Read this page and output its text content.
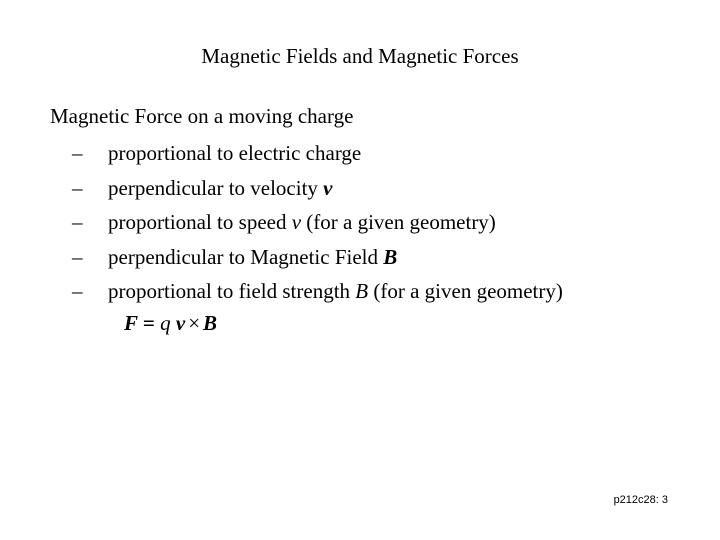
Magnetic Fields and Magnetic Forces
Magnetic Force on a moving charge
–	proportional to electric charge
–	perpendicular to velocity v
–	proportional to speed v (for a given geometry)
–	perpendicular to Magnetic Field B
–	proportional to field strength B (for a given geometry)
F = q v × B
p212c28: 3
